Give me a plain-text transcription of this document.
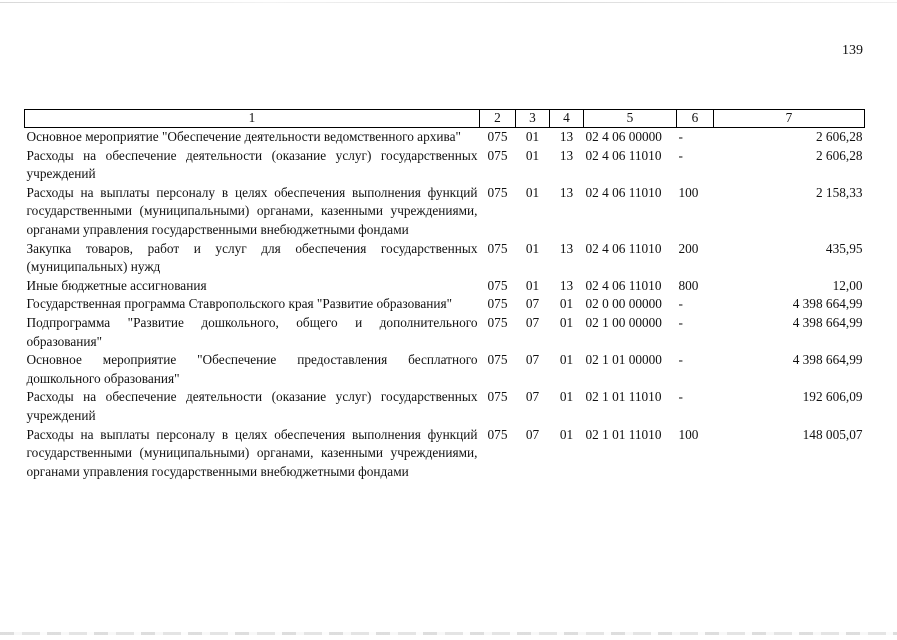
139
1	2	3	4	5	6	7
Основное мероприятие "Обеспечение деятельности ведомственного архива"	075	01	13	02 4 06 00000	-	2 606,28
Расходы на обеспечение деятельности (оказание услуг) государственных учреждений	075	01	13	02 4 06 11010	-	2 606,28
Расходы на выплаты персоналу в целях обеспечения выполнения функций государственными (муниципальными) органами, казенными учреждениями, органами управления государственными внебюджетными фондами	075	01	13	02 4 06 11010	100	2 158,33
Закупка товаров, работ и услуг для обеспечения государственных (муниципальных) нужд	075	01	13	02 4 06 11010	200	435,95
Иные бюджетные ассигнования	075	01	13	02 4 06 11010	800	12,00
Государственная программа Ставропольского края "Развитие образования"	075	07	01	02 0 00 00000	-	4 398 664,99
Подпрограмма "Развитие дошкольного, общего и дополнительного образования"	075	07	01	02 1 00 00000	-	4 398 664,99
Основное мероприятие "Обеспечение предоставления бесплатного дошкольного образования"	075	07	01	02 1 01 00000	-	4 398 664,99
Расходы на обеспечение деятельности (оказание услуг) государственных учреждений	075	07	01	02 1 01 11010	-	192 606,09
Расходы на выплаты персоналу в целях обеспечения выполнения функций государственными (муниципальными) органами, казенными учреждениями, органами управления государственными внебюджетными фондами	075	07	01	02 1 01 11010	100	148 005,07
